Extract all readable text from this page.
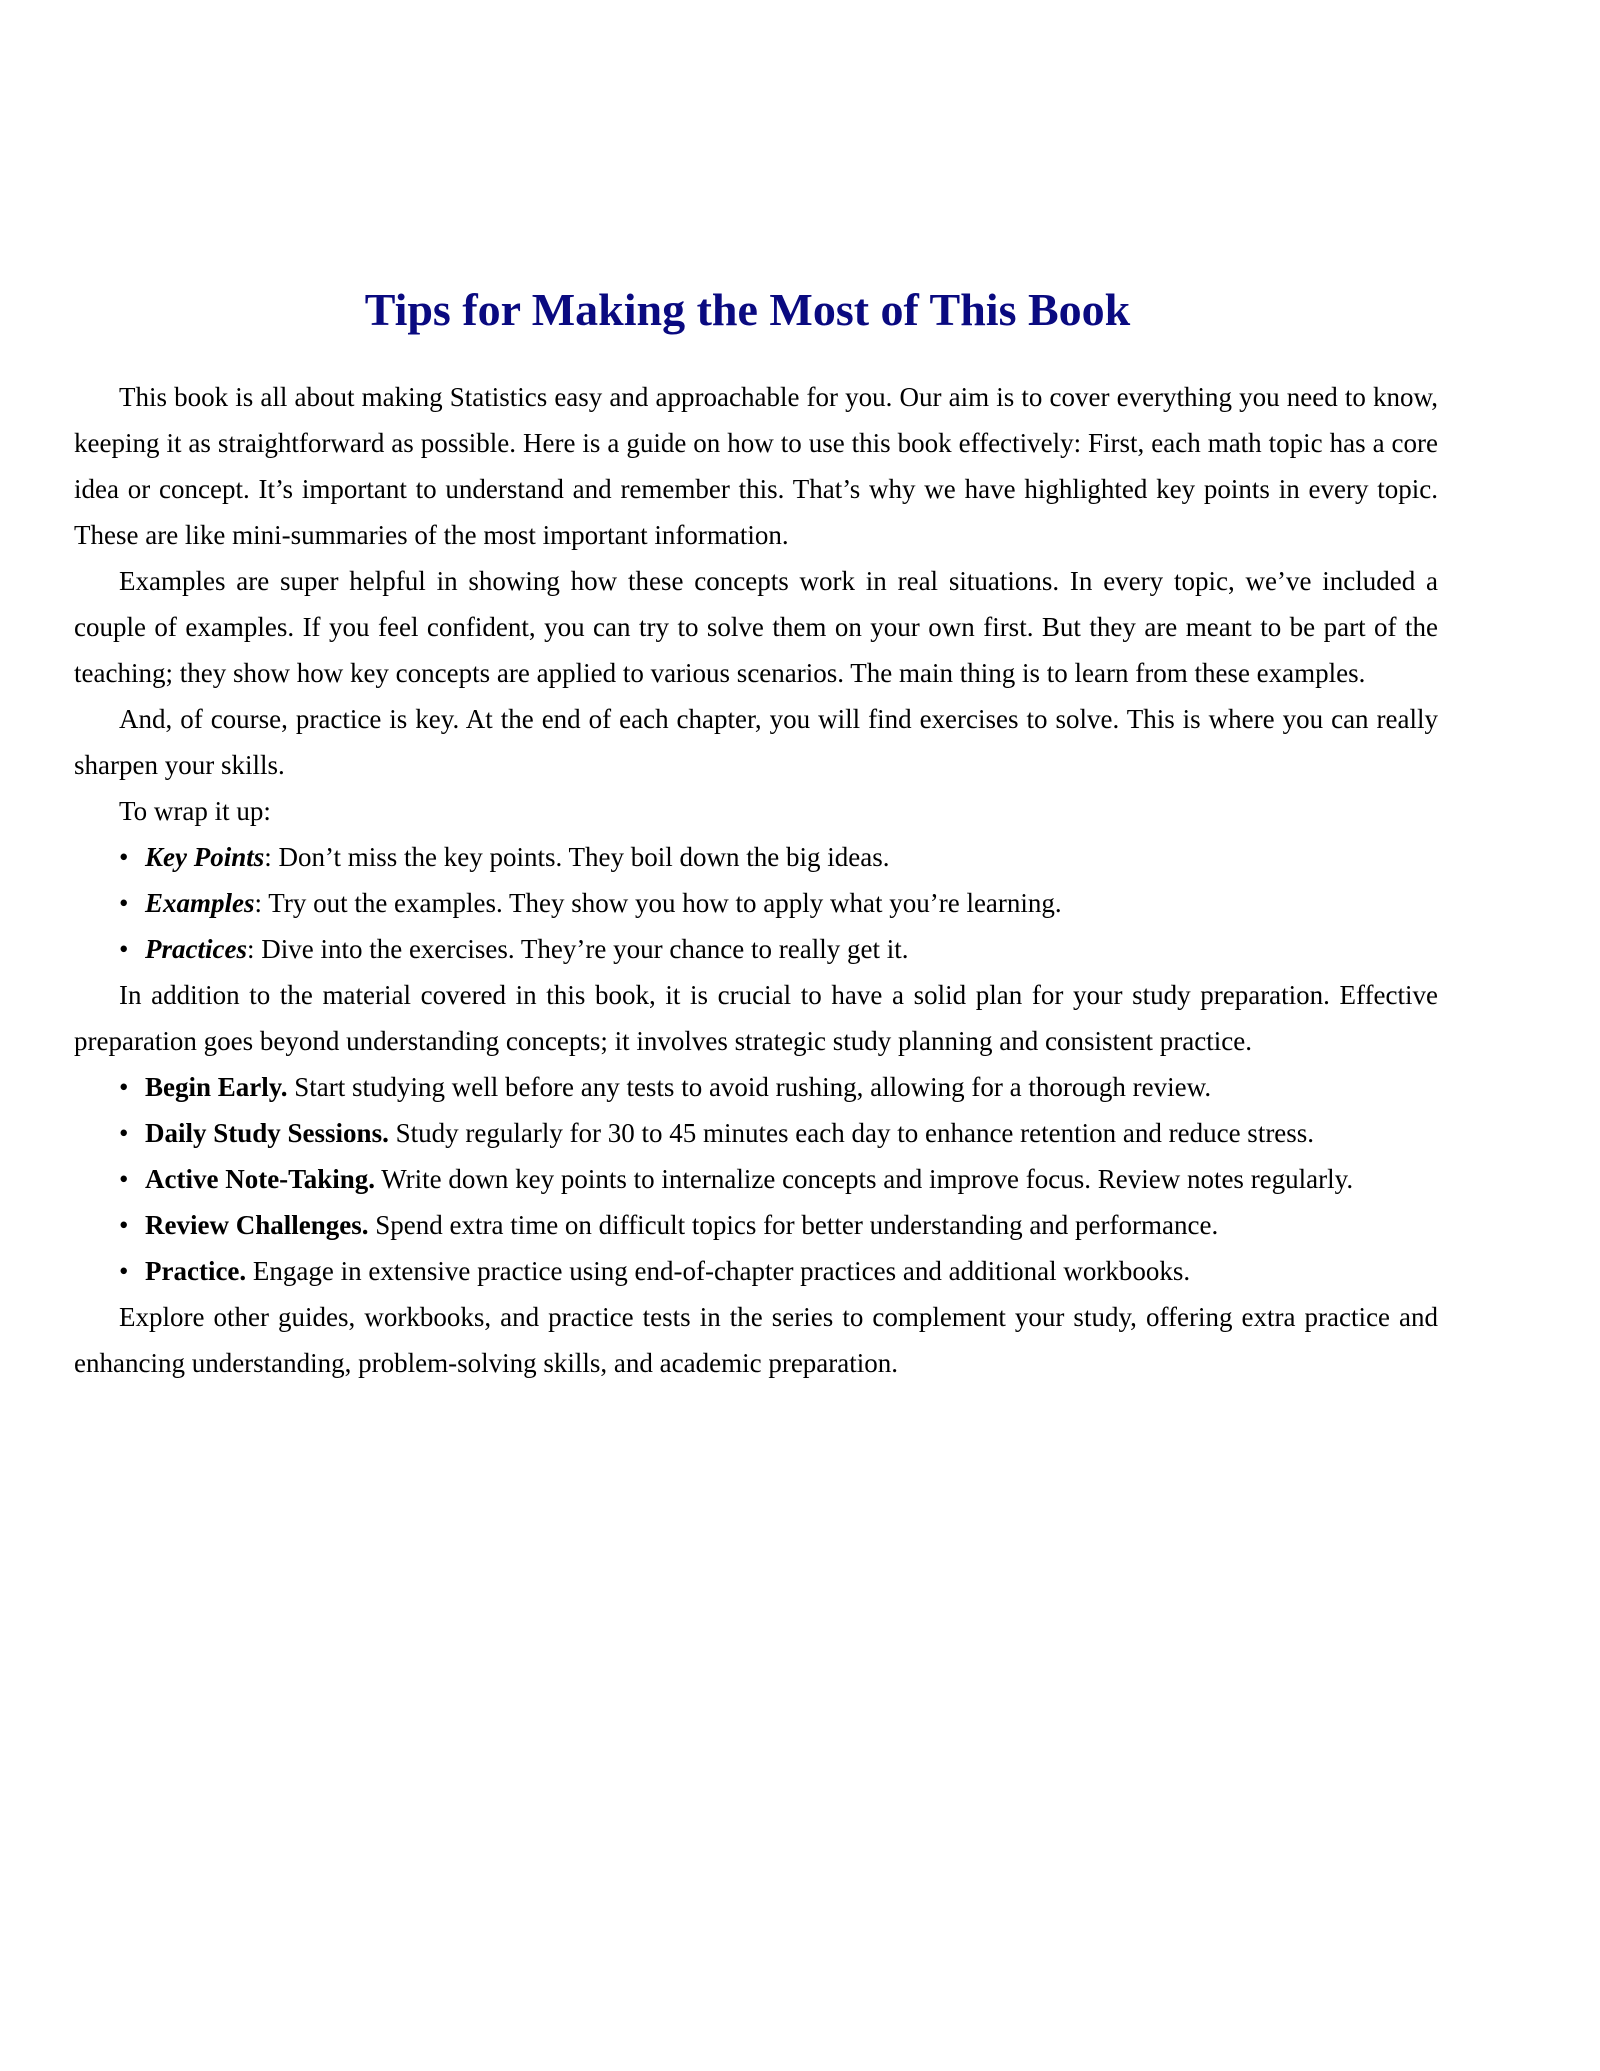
Tips for Making the Most of This Book

This book is all about making Statistics easy and approachable for you. Our aim is to cover everything you need to know, keeping it as straightforward as possible. Here is a guide on how to use this book effectively: First, each math topic has a core idea or concept. It’s important to understand and remember this. That’s why we have highlighted key points in every topic. These are like mini-summaries of the most important information.

Examples are super helpful in showing how these concepts work in real situations. In every topic, we’ve included a couple of examples. If you feel confident, you can try to solve them on your own first. But they are meant to be part of the teaching; they show how key concepts are applied to various scenarios. The main thing is to learn from these examples.

And, of course, practice is key. At the end of each chapter, you will find exercises to solve. This is where you can really sharpen your skills.

To wrap it up:

• Key Points: Don’t miss the key points. They boil down the big ideas.
• Examples: Try out the examples. They show you how to apply what you’re learning.
• Practices: Dive into the exercises. They’re your chance to really get it.

In addition to the material covered in this book, it is crucial to have a solid plan for your study preparation. Effective preparation goes beyond understanding concepts; it involves strategic study planning and consistent practice.

• Begin Early. Start studying well before any tests to avoid rushing, allowing for a thorough review.
• Daily Study Sessions. Study regularly for 30 to 45 minutes each day to enhance retention and reduce stress.
• Active Note-Taking. Write down key points to internalize concepts and improve focus. Review notes regularly.
• Review Challenges. Spend extra time on difficult topics for better understanding and performance.
• Practice. Engage in extensive practice using end-of-chapter practices and additional workbooks.

Explore other guides, workbooks, and practice tests in the series to complement your study, offering extra practice and enhancing understanding, problem-solving skills, and academic preparation.
